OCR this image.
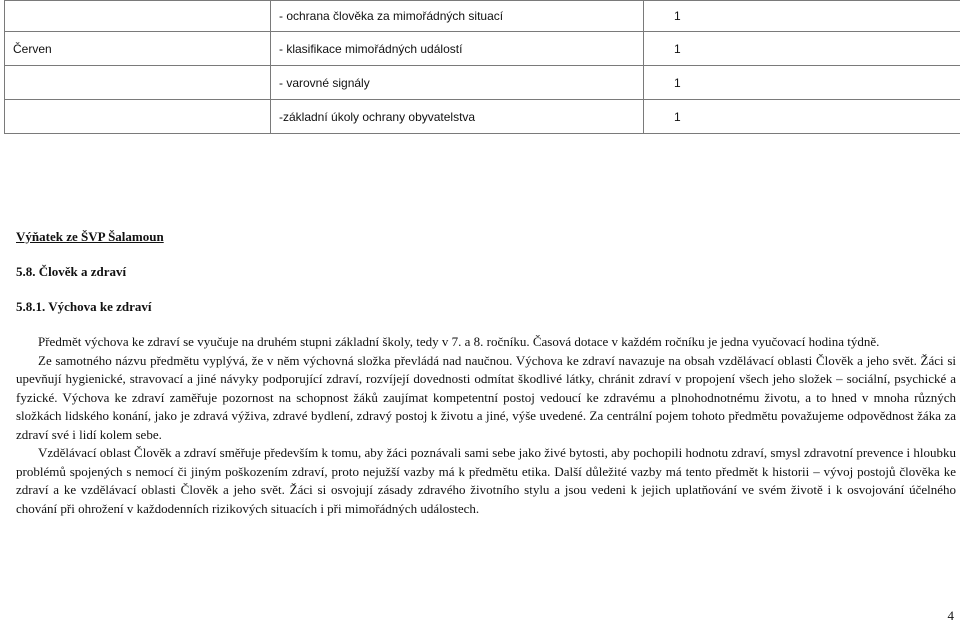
	- ochrana člověka za mimořádných situací	1
Červen	- klasifikace mimořádných událostí	1
	- varovné signály	1
	-základní úkoly ochrany obyvatelstva	1

Výňatek ze ŠVP Šalamoun

5.8. Člověk a zdraví

5.8.1. Výchova ke zdraví

Předmět výchova ke zdraví se vyučuje na druhém stupni základní školy, tedy v 7. a 8. ročníku. Časová dotace v každém ročníku je jedna vyučovací hodina týdně.

Ze samotného názvu předmětu vyplývá, že v něm výchovná složka převládá nad naučnou. Výchova ke zdraví navazuje na obsah vzdělávací oblasti Člověk a jeho svět. Žáci si upevňují hygienické, stravovací a jiné návyky podporující zdraví, rozvíjejí dovednosti odmítat škodlivé látky, chránit zdraví v propojení všech jeho složek – sociální, psychické a fyzické. Výchova ke zdraví zaměřuje pozornost na schopnost žáků zaujímat kompetentní postoj vedoucí ke zdravému a plnohodnotnému životu, a to hned v mnoha různých složkách lidského konání, jako je zdravá výživa, zdravé bydlení, zdravý postoj k životu a jiné, výše uvedené. Za centrální pojem tohoto předmětu považujeme odpovědnost žáka za zdraví své i lidí kolem sebe.

Vzdělávací oblast Člověk a zdraví směřuje především k tomu, aby žáci poznávali sami sebe jako živé bytosti, aby pochopili hodnotu zdraví, smysl zdravotní prevence i hloubku problémů spojených s nemocí či jiným poškozením zdraví, proto nejužší vazby má k předmětu etika. Další důležité vazby má tento předmět k historii – vývoj postojů člověka ke zdraví a ke vzdělávací oblasti Člověk a jeho svět. Žáci si osvojují zásady zdravého životního stylu a jsou vedeni k jejich uplatňování ve svém životě i k osvojování účelného chování při ohrožení v každodenních rizikových situacích i při mimořádných událostech.

4
